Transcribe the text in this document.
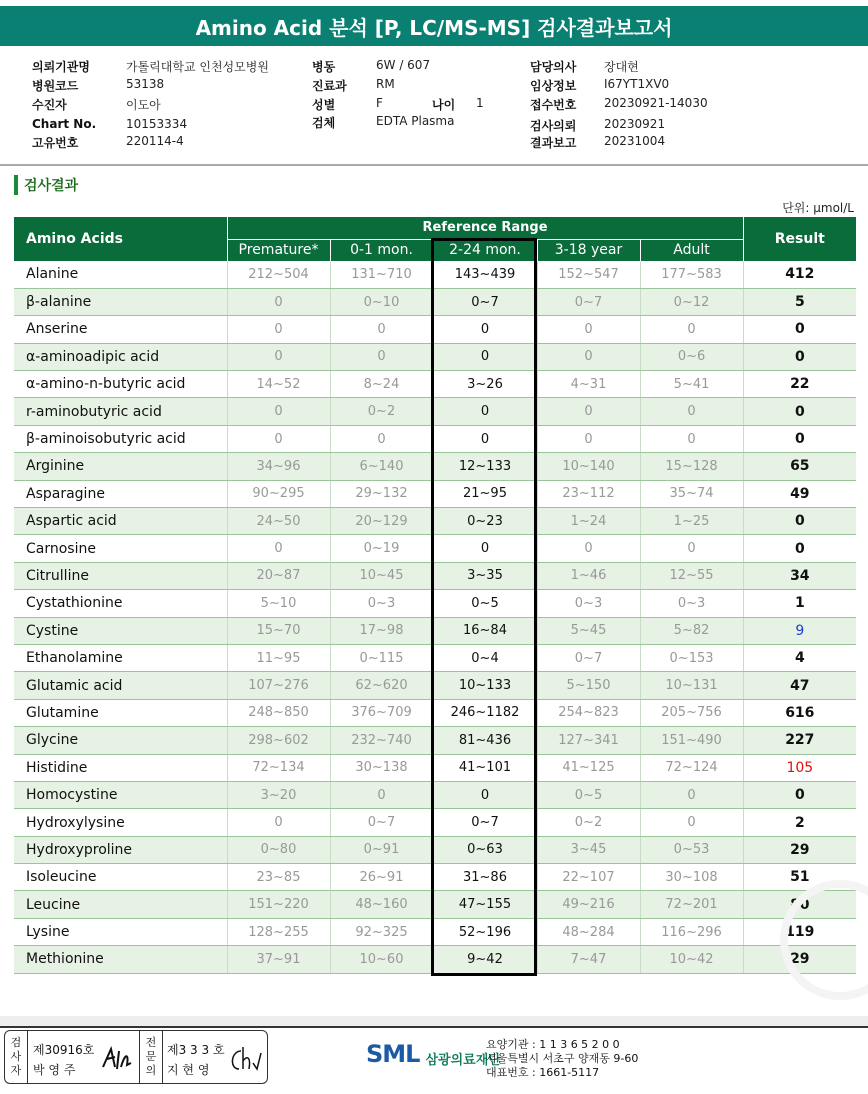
Amino Acid 분석 [P, LC/MS-MS] 검사결과보고서
의뢰기관명	가톨릭대학교 인천성모병원
병원코드	53138
수진자	이도아
Chart No. 10153334
고유번호	220114-4
병동	6W / 607
진료과 RM
성별	F	나이 1
검체	EDTA Plasma
담당의사 장대현
임상정보 I67YT1XV0
접수번호 20230921-14030
검사의뢰 20230921
결과보고 20231004
검사결과
단위: μmol/L
Amino Acids	Reference Range					Result
	Premature*	0-1 mon.	2-24 mon.	3-18 year	Adult	
Alanine	212~504	131~710	143~439	152~547	177~583	412
β-alanine	0	0~10	0~7	0~7	0~12	5
Anserine	0	0	0	0	0	0
α-aminoadipic acid	0	0	0	0	0~6	0
α-amino-n-butyric acid	14~52	8~24	3~26	4~31	5~41	22
r-aminobutyric acid	0	0~2	0	0	0	0
β-aminoisobutyric acid	0	0	0	0	0	0
Arginine	34~96	6~140	12~133	10~140	15~128	65
Asparagine	90~295	29~132	21~95	23~112	35~74	49
Aspartic acid	24~50	20~129	0~23	1~24	1~25	0
Carnosine	0	0~19	0	0	0	0
Citrulline	20~87	10~45	3~35	1~46	12~55	34
Cystathionine	5~10	0~3	0~5	0~3	0~3	1
Cystine	15~70	17~98	16~84	5~45	5~82	9
Ethanolamine	11~95	0~115	0~4	0~7	0~153	4
Glutamic acid	107~276	62~620	10~133	5~150	10~131	47
Glutamine	248~850	376~709	246~1182	254~823	205~756	616
Glycine	298~602	232~740	81~436	127~341	151~490	227
Histidine	72~134	30~138	41~101	41~125	72~124	105
Homocystine	3~20	0	0	0~5	0	0
Hydroxylysine	0	0~7	0~7	0~2	0	2
Hydroxyproline	0~80	0~91	0~63	3~45	0~53	29
Isoleucine	23~85	26~91	31~86	22~107	30~108	51
Leucine	151~220	48~160	47~155	49~216	72~201	80
Lysine	128~255	92~325	52~196	48~284	116~296	119
Methionine	37~91	10~60	9~42	7~47	10~42	29
검사자
제30916호
박 영 주
전문의
제3 3 3 호
지 현 영
SML 삼광의료재단
요양기관 : 1 1 3 6 5 2 0 0
서울특별시 서초구 양재동 9-60
대표번호 : 1661-5117
